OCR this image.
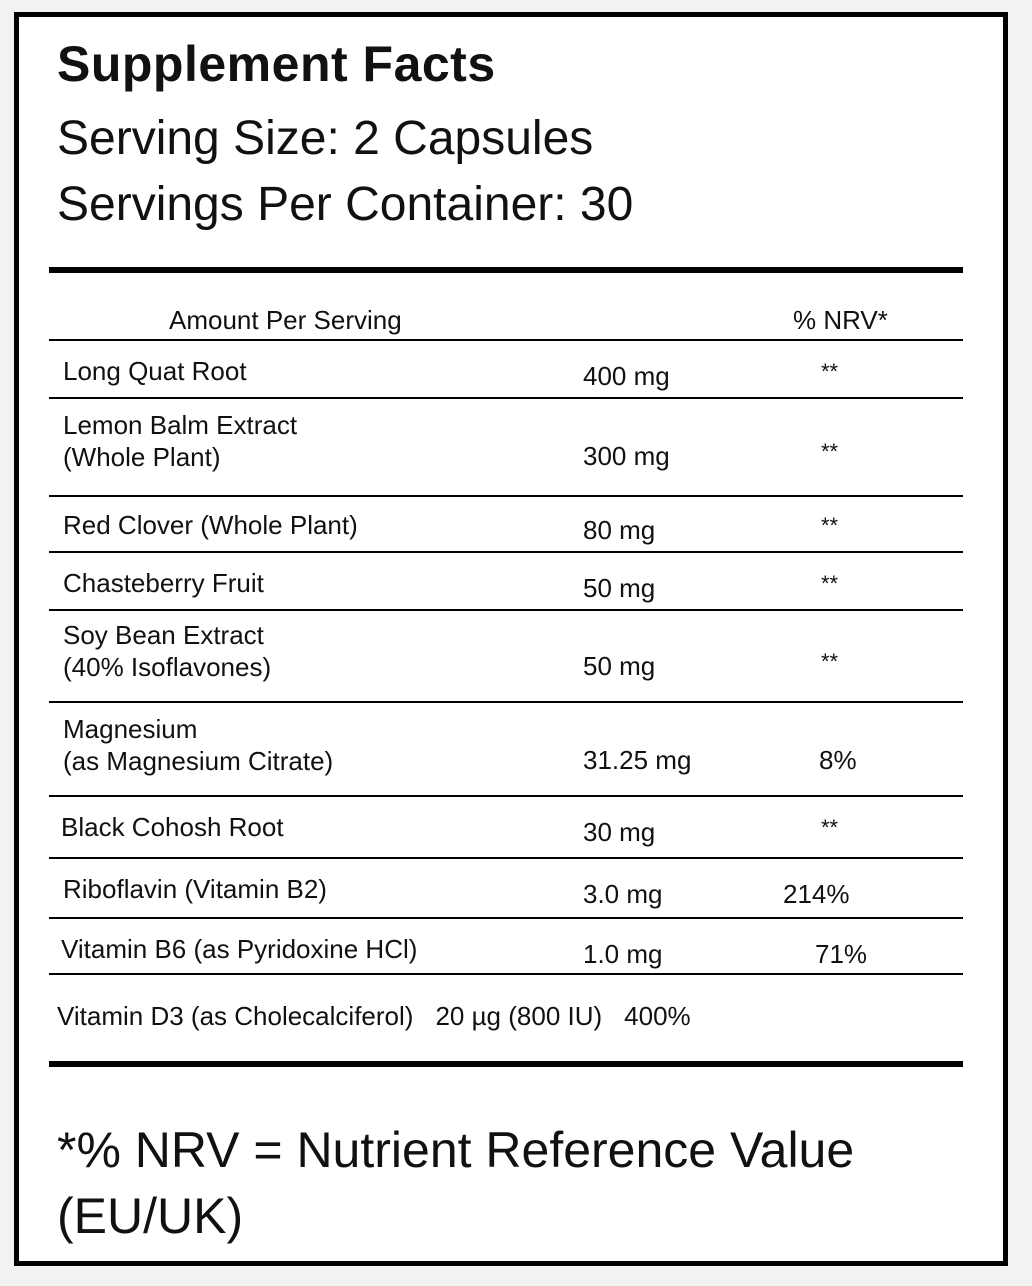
Supplement Facts
Serving Size: 2 Capsules
Servings Per Container: 30
Amount Per Serving	% NRV*
Long Quat Root	400 mg	**
Lemon Balm Extract
(Whole Plant)	300 mg	**
Red Clover (Whole Plant)	80 mg	**
Chasteberry Fruit	50 mg	**
Soy Bean Extract
(40% Isoflavones)	50 mg	**
Magnesium
(as Magnesium Citrate)	31.25 mg	8%
Black Cohosh Root	30 mg	**
Riboflavin (Vitamin B2)	3.0 mg	214%
Vitamin B6 (as Pyridoxine HCl)	1.0 mg	71%
Vitamin D3 (as Cholecalciferol) 20 µg (800 IU) 400%
*% NRV = Nutrient Reference Value (EU/UK)
